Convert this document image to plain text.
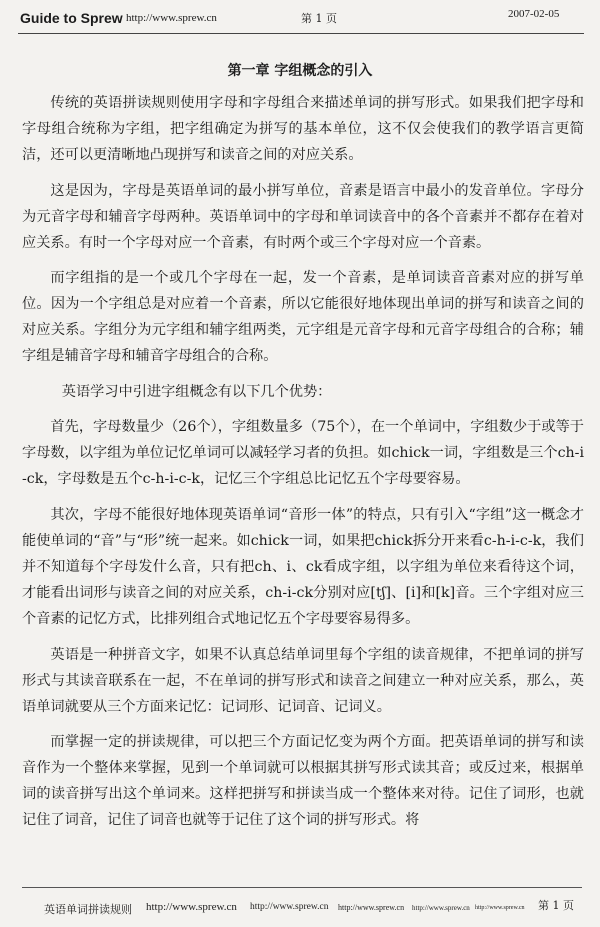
Guide to Sprew http://www.sprew.cn	第 1 页	2007-02-05
第一章 字组概念的引入

传统的英语拼读规则使用字母和字母组合来描述单词的拼写形式。如果我们把字母和字母组合统称为字组，把字组确定为拼写的基本单位，这不仅会使我们的教学语言更简洁，还可以更清晰地凸现拼写和读音之间的对应关系。

这是因为，字母是英语单词的最小拼写单位，音素是语言中最小的发音单位。字母分为元音字母和辅音字母两种。英语单词中的字母和单词读音中的各个音素并不都存在着对应关系。有时一个字母对应一个音素，有时两个或三个字母对应一个音素。

而字组指的是一个或几个字母在一起，发一个音素，是单词读音音素对应的拼写单位。因为一个字组总是对应着一个音素，所以它能很好地体现出单词的拼写和读音之间的对应关系。字组分为元字组和辅字组两类，元字组是元音字母和元音字母组合的合称；辅字组是辅音字母和辅音字母组合的合称。

英语学习中引进字组概念有以下几个优势：

首先，字母数量少（26个），字组数量多（75个），在一个单词中，字组数少于或等于字母数，以字组为单位记忆单词可以减轻学习者的负担。如chick一词，字组数是三个ch-i-ck，字母数是五个c-h-i-c-k，记忆三个字组总比记忆五个字母要容易。

其次，字母不能很好地体现英语单词“音形一体”的特点，只有引入“字组”这一概念才能使单词的“音”与“形”统一起来。如chick一词，如果把chick拆分开来看c-h-i-c-k，我们并不知道每个字母发什么音，只有把ch、i、ck看成字组，以字组为单位来看待这个词，才能看出词形与读音之间的对应关系，ch-i-ck分别对应[tʃ]、[i]和[k]音。三个字组对应三个音素的记忆方式，比排列组合式地记忆五个字母要容易得多。

英语是一种拼音文字，如果不认真总结单词里每个字组的读音规律，不把单词的拼写形式与其读音联系在一起，不在单词的拼写形式和读音之间建立一种对应关系，那么，英语单词就要从三个方面来记忆：记词形、记词音、记词义。

而掌握一定的拼读规律，可以把三个方面记忆变为两个方面。把英语单词的拼写和读音作为一个整体来掌握，见到一个单词就可以根据其拼写形式读其音；或反过来，根据单词的读音拼写出这个单词来。这样把拼写和拼读当成一个整体来对待。记住了词形，也就记住了词音，记住了词音也就等于记住了这个词的拼写形式。将

英语单词拼读规则 http://www.sprew.cn http://www.sprew.cn http://www.sprew.cn http://www.sprew.cn http://www.sprew.cn 第 1 页
